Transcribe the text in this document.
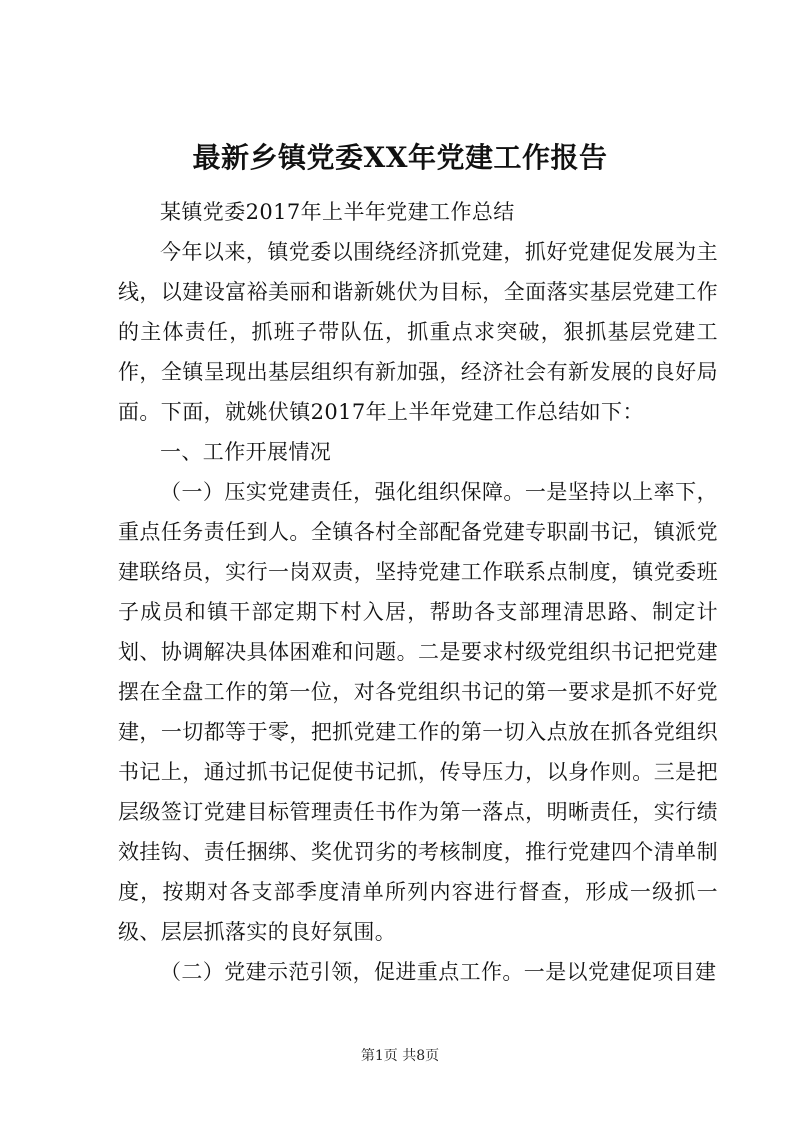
最新乡镇党委XX年党建工作报告

某镇党委2017年上半年党建工作总结

今年以来，镇党委以围绕经济抓党建，抓好党建促发展为主线，以建设富裕美丽和谐新姚伏为目标，全面落实基层党建工作的主体责任，抓班子带队伍，抓重点求突破，狠抓基层党建工作，全镇呈现出基层组织有新加强，经济社会有新发展的良好局面。下面，就姚伏镇2017年上半年党建工作总结如下：

一、工作开展情况

（一）压实党建责任，强化组织保障。一是坚持以上率下，重点任务责任到人。全镇各村全部配备党建专职副书记，镇派党建联络员，实行一岗双责，坚持党建工作联系点制度，镇党委班子成员和镇干部定期下村入居，帮助各支部理清思路、制定计划、协调解决具体困难和问题。二是要求村级党组织书记把党建摆在全盘工作的第一位，对各党组织书记的第一要求是抓不好党建，一切都等于零，把抓党建工作的第一切入点放在抓各党组织书记上，通过抓书记促使书记抓，传导压力，以身作则。三是把层级签订党建目标管理责任书作为第一落点，明晰责任，实行绩效挂钩、责任捆绑、奖优罚劣的考核制度，推行党建四个清单制度，按期对各支部季度清单所列内容进行督查，形成一级抓一级、层层抓落实的良好氛围。

（二）党建示范引领，促进重点工作。一是以党建促项目建

第1页 共8页
